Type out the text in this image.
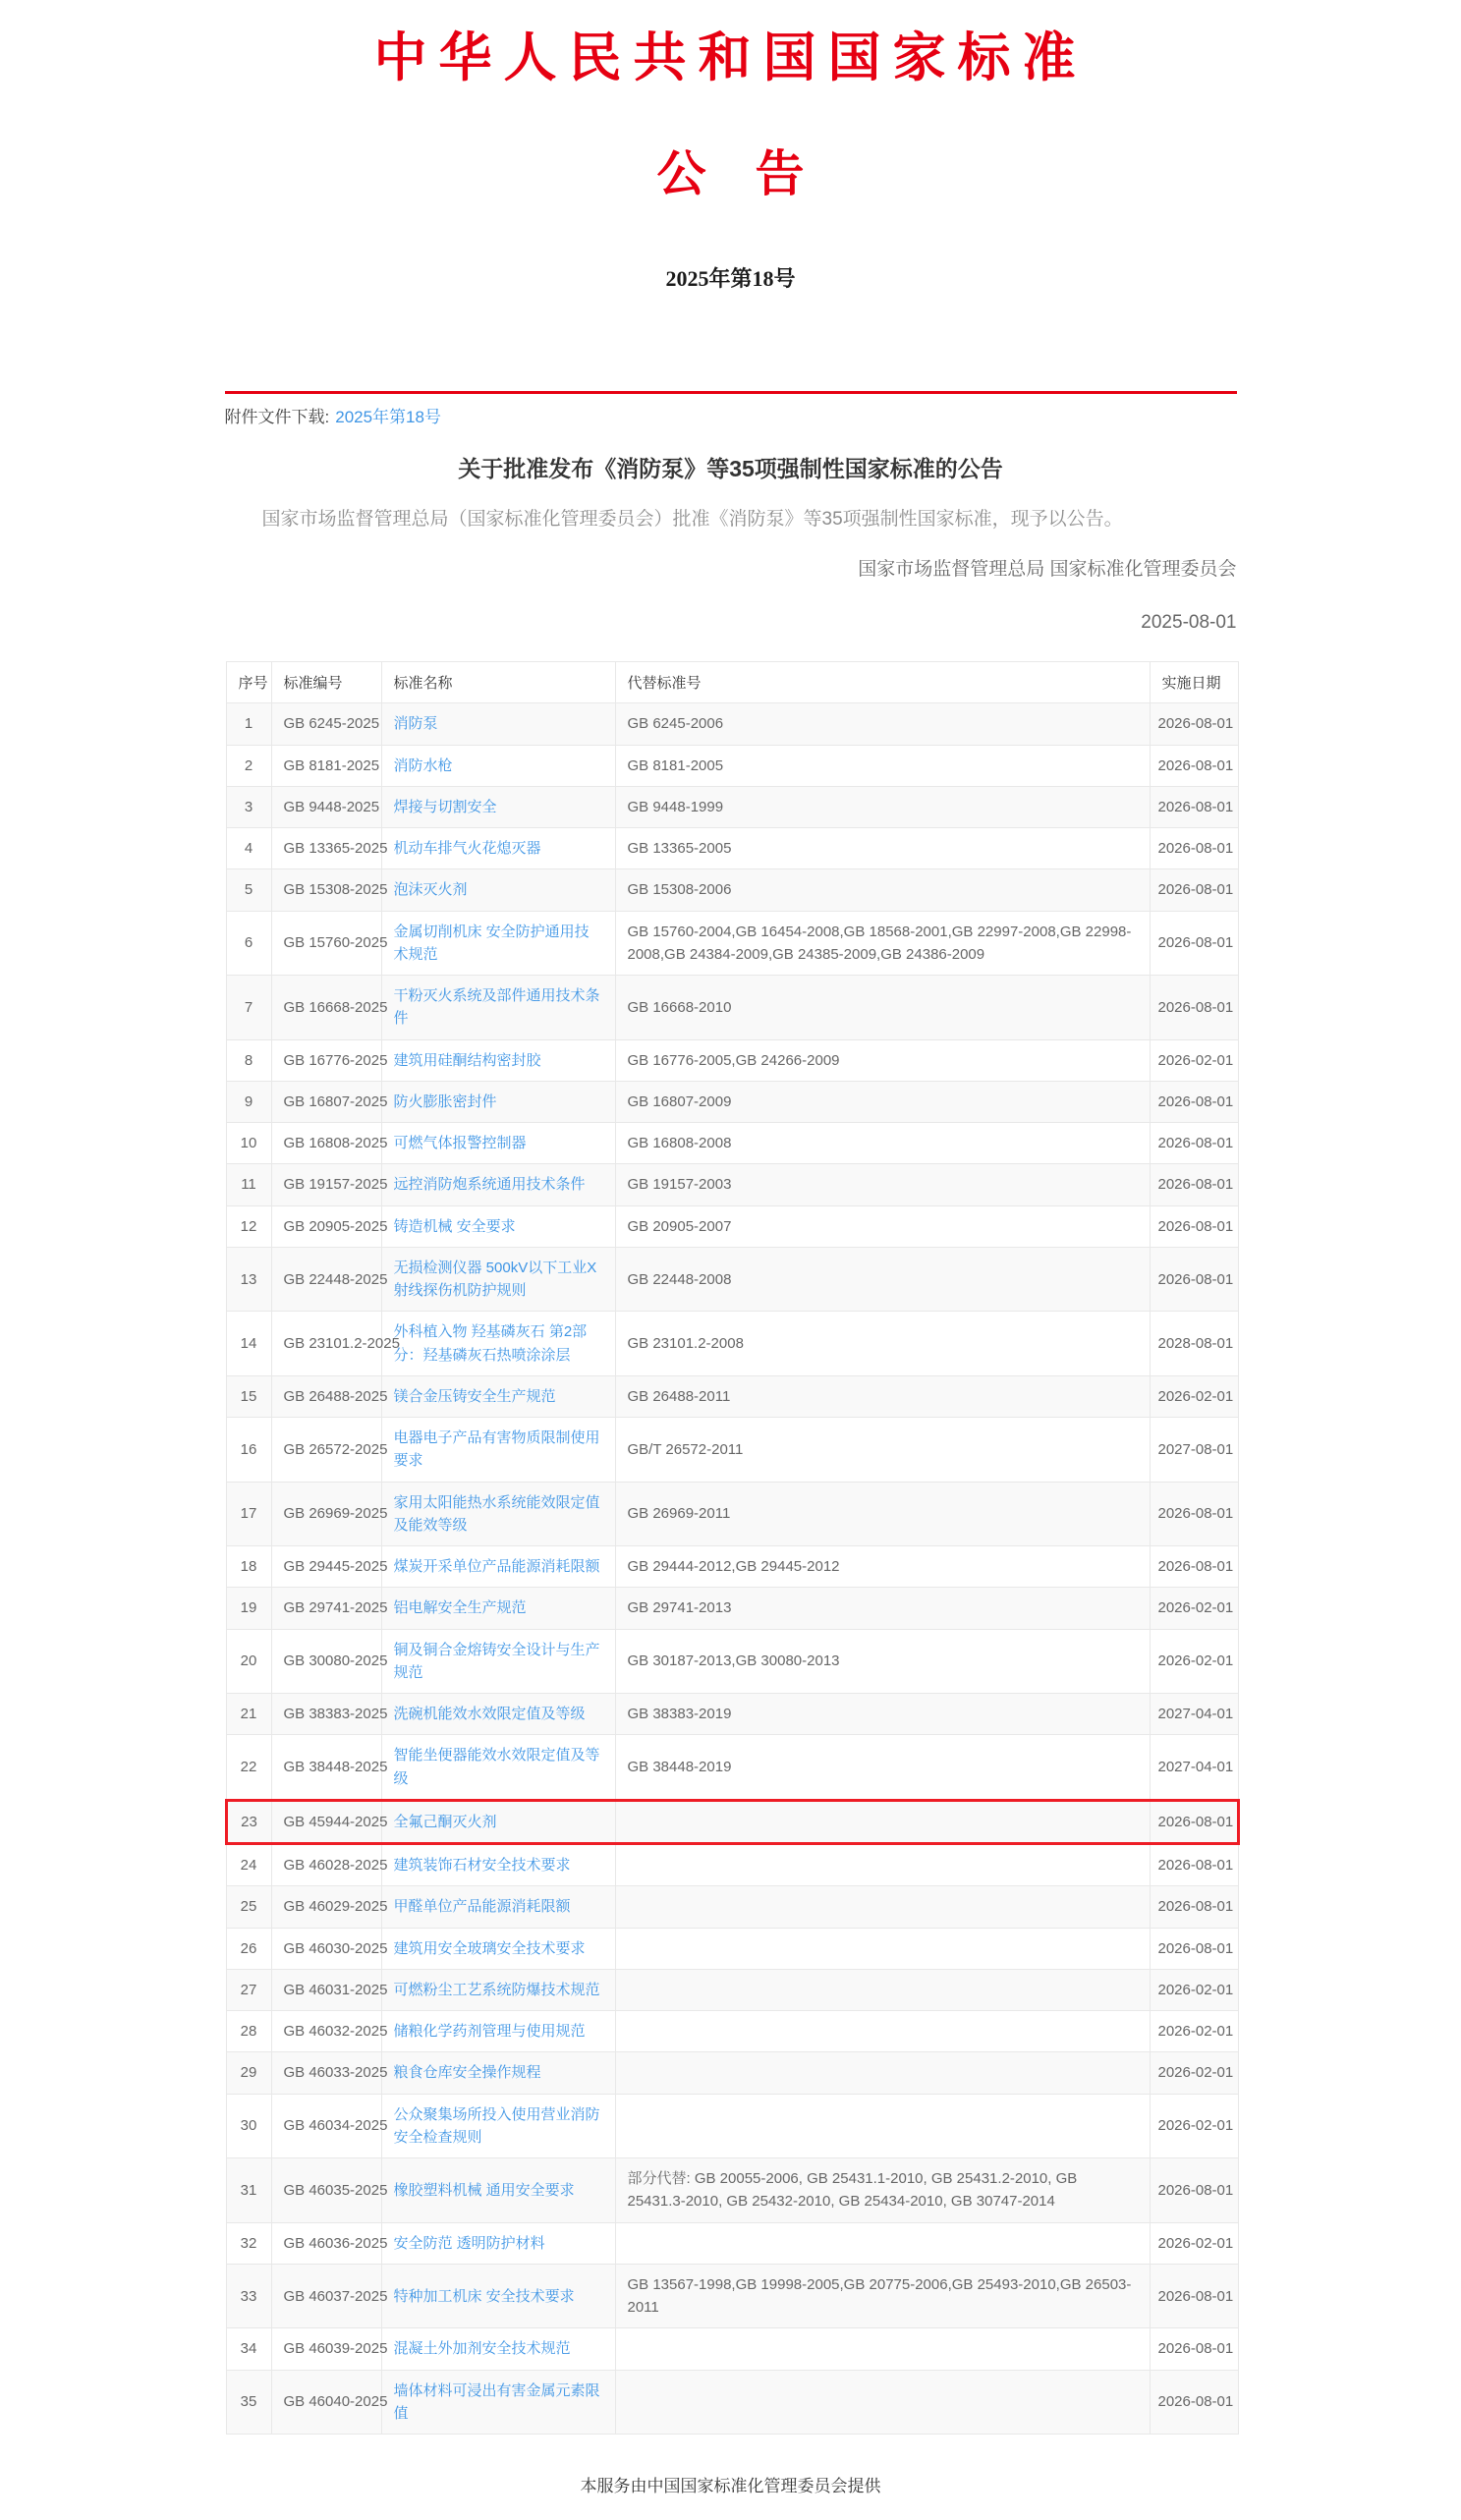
中华人民共和国国家标准
公　告
2025年第18号
附件文件下载: 2025年第18号
关于批准发布《消防泵》等35项强制性国家标准的公告

国家市场监督管理总局（国家标准化管理委员会）批准《消防泵》等35项强制性国家标准，现予以公告。

国家市场监督管理总局 国家标准化管理委员会
2025-08-01
序号	标准编号	标准名称	代替标准号	实施日期
1	GB 6245-2025	消防泵	GB 6245-2006	2026-08-01
2	GB 8181-2025	消防水枪	GB 8181-2005	2026-08-01
3	GB 9448-2025	焊接与切割安全	GB 9448-1999	2026-08-01
4	GB 13365-2025	机动车排气火花熄灭器	GB 13365-2005	2026-08-01
5	GB 15308-2025	泡沫灭火剂	GB 15308-2006	2026-08-01
6	GB 15760-2025	金属切削机床 安全防护通用技术规范	GB 15760-2004,GB 16454-2008,GB 18568-2001,GB 22997-2008,GB 22998-2008,GB 24384-2009,GB 24385-2009,GB 24386-2009	2026-08-01
7	GB 16668-2025	干粉灭火系统及部件通用技术条件	GB 16668-2010	2026-08-01
8	GB 16776-2025	建筑用硅酮结构密封胶	GB 16776-2005,GB 24266-2009	2026-02-01
9	GB 16807-2025	防火膨胀密封件	GB 16807-2009	2026-08-01
10	GB 16808-2025	可燃气体报警控制器	GB 16808-2008	2026-08-01
11	GB 19157-2025	远控消防炮系统通用技术条件	GB 19157-2003	2026-08-01
12	GB 20905-2025	铸造机械 安全要求	GB 20905-2007	2026-08-01
13	GB 22448-2025	无损检测仪器 500kV以下工业X射线探伤机防护规则	GB 22448-2008	2026-08-01
14	GB 23101.2-2025	外科植入物 羟基磷灰石 第2部分：羟基磷灰石热喷涂涂层	GB 23101.2-2008	2028-08-01
15	GB 26488-2025	镁合金压铸安全生产规范	GB 26488-2011	2026-02-01
16	GB 26572-2025	电器电子产品有害物质限制使用要求	GB/T 26572-2011	2027-08-01
17	GB 26969-2025	家用太阳能热水系统能效限定值及能效等级	GB 26969-2011	2026-08-01
18	GB 29445-2025	煤炭开采单位产品能源消耗限额	GB 29444-2012,GB 29445-2012	2026-08-01
19	GB 29741-2025	铝电解安全生产规范	GB 29741-2013	2026-02-01
20	GB 30080-2025	铜及铜合金熔铸安全设计与生产规范	GB 30187-2013,GB 30080-2013	2026-02-01
21	GB 38383-2025	洗碗机能效水效限定值及等级	GB 38383-2019	2027-04-01
22	GB 38448-2025	智能坐便器能效水效限定值及等级	GB 38448-2019	2027-04-01
23	GB 45944-2025	全氟己酮灭火剂		2026-08-01
24	GB 46028-2025	建筑装饰石材安全技术要求		2026-08-01
25	GB 46029-2025	甲醛单位产品能源消耗限额		2026-08-01
26	GB 46030-2025	建筑用安全玻璃安全技术要求		2026-08-01
27	GB 46031-2025	可燃粉尘工艺系统防爆技术规范		2026-02-01
28	GB 46032-2025	储粮化学药剂管理与使用规范		2026-02-01
29	GB 46033-2025	粮食仓库安全操作规程		2026-02-01
30	GB 46034-2025	公众聚集场所投入使用营业消防安全检查规则		2026-02-01
31	GB 46035-2025	橡胶塑料机械 通用安全要求	部分代替: GB 20055-2006, GB 25431.1-2010, GB 25431.2-2010, GB 25431.3-2010, GB 25432-2010, GB 25434-2010, GB 30747-2014	2026-08-01
32	GB 46036-2025	安全防范 透明防护材料		2026-02-01
33	GB 46037-2025	特种加工机床 安全技术要求	GB 13567-1998,GB 19998-2005,GB 20775-2006,GB 25493-2010,GB 26503-2011	2026-08-01
34	GB 46039-2025	混凝土外加剂安全技术规范		2026-08-01
35	GB 46040-2025	墙体材料可浸出有害金属元素限值		2026-08-01
本服务由中国国家标准化管理委员会提供
